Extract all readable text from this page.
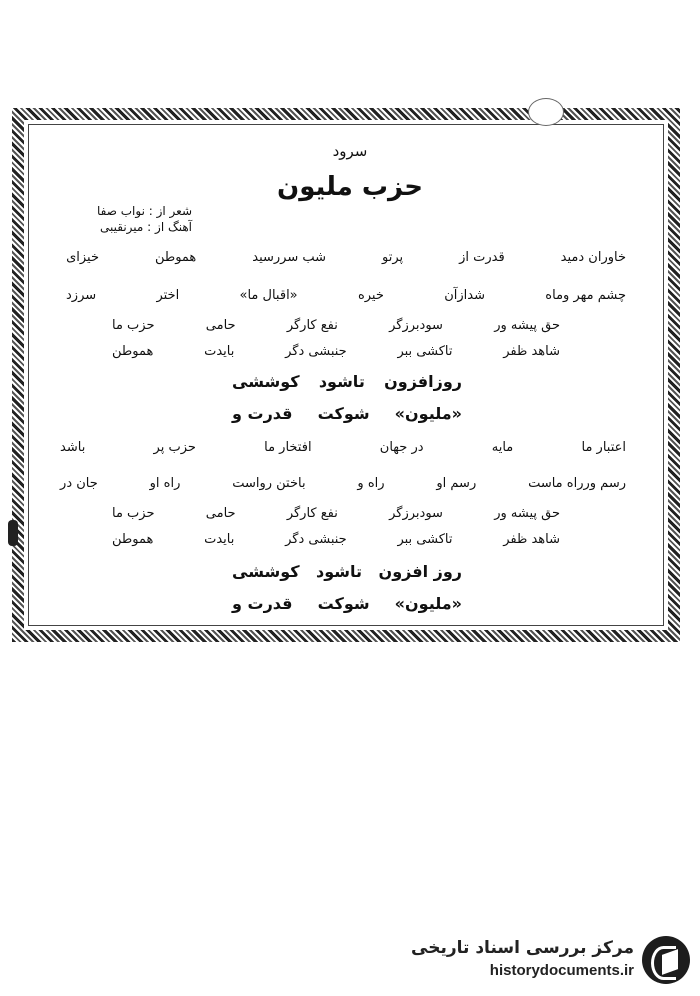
سرود
حزب ملیون
شعر از : نواب صفا
آهنگ از : میرنقیبی
خیزای	هموطن	شب سررسید	پرتو	قدرت از	خاوران دمید
سرزد	اختر	«اقبال ما»	خیره	شدازآن	چشم مهر وماه
حزب ما	حامی	نفع کارگر	سودبرزگر	حق پیشه ور
هموطن	بایدت	جنبشی دگر	تاکشی ببر	شاهد ظفر
کوششی تاشود روزافزون
قدرت و شوکت «ملیون»
باشد	حزب پر	افتخار ما	در جهان	مایه	اعتبار ما
جان در	راه او	باختن رواست	راه و	رسم او	رسم ورراه ماست
حزب ما	حامی	نفع کارگر	سودبرزگر	حق پیشه ور
هموطن	بایدت	جنبشی دگر	تاکشی ببر	شاهد ظفر
کوششی تاشود روز افزون
قدرت و شوکت «ملیون»
مرکز بررسی اسناد تاریخی
historydocuments.ir
